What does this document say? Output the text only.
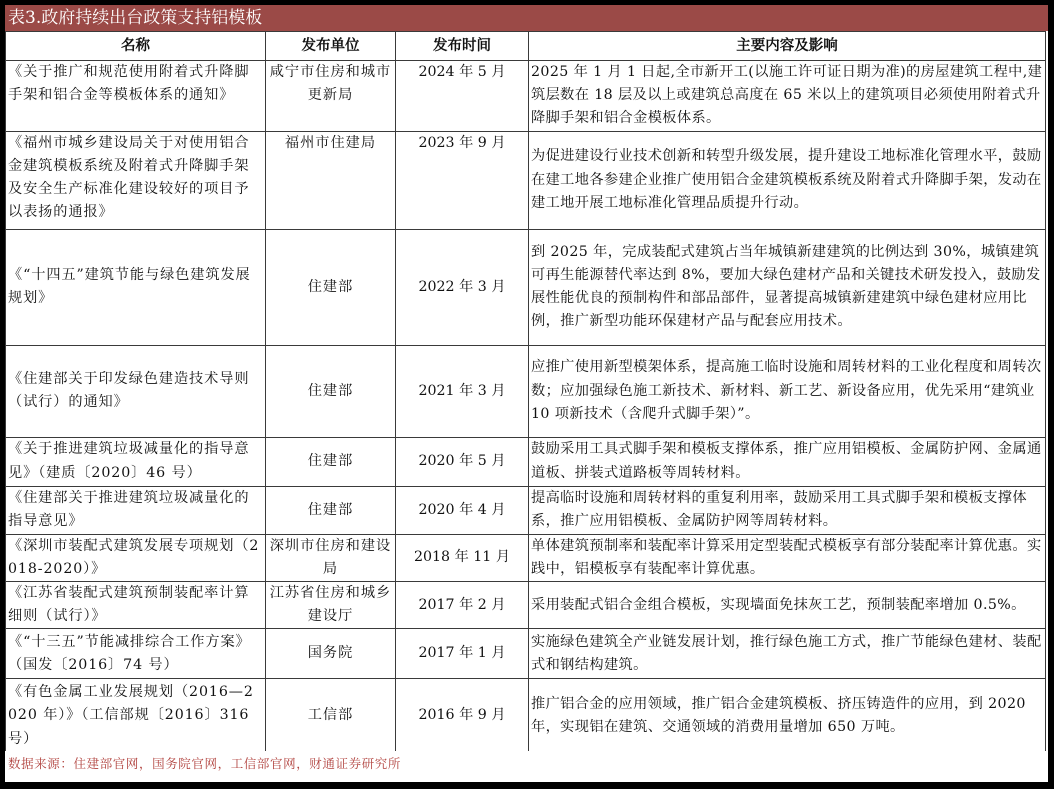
表3.政府持续出台政策支持铝模板
名称	发布单位	发布时间	主要内容及影响
《关于推广和规范使用附着式升降脚手架和铝合金等模板体系的通知》	咸宁市住房和城市更新局	2024 年 5 月	2025 年 1 月 1 日起,全市新开工(以施工许可证日期为准)的房屋建筑工程中,建筑层数在 18 层及以上或建筑总高度在 65 米以上的建筑项目必须使用附着式升降脚手架和铝合金模板体系。
《福州市城乡建设局关于对使用铝合金建筑模板系统及附着式升降脚手架及安全生产标准化建设较好的项目予以表扬的通报》	福州市住建局	2023 年 9 月	为促进建设行业技术创新和转型升级发展，提升建设工地标准化管理水平，鼓励在建工地各参建企业推广使用铝合金建筑模板系统及附着式升降脚手架，发动在建工地开展工地标准化管理品质提升行动。
《“十四五”建筑节能与绿色建筑发展规划》	住建部	2022 年 3 月	到 2025 年，完成装配式建筑占当年城镇新建建筑的比例达到 30%，城镇建筑可再生能源替代率达到 8%，要加大绿色建材产品和关键技术研发投入，鼓励发展性能优良的预制构件和部品部件，显著提高城镇新建建筑中绿色建材应用比例，推广新型功能环保建材产品与配套应用技术。
《住建部关于印发绿色建造技术导则（试行）的通知》	住建部	2021 年 3 月	应推广使用新型模架体系，提高施工临时设施和周转材料的工业化程度和周转次数；应加强绿色施工新技术、新材料、新工艺、新设备应用，优先采用“建筑业 10 项新技术（含爬升式脚手架）”。
《关于推进建筑垃圾减量化的指导意见》（建质〔2020〕46 号）	住建部	2020 年 5 月	鼓励采用工具式脚手架和模板支撑体系，推广应用铝模板、金属防护网、金属通道板、拼装式道路板等周转材料。
《住建部关于推进建筑垃圾减量化的指导意见》	住建部	2020 年 4 月	提高临时设施和周转材料的重复利用率，鼓励采用工具式脚手架和模板支撑体系，推广应用铝模板、金属防护网等周转材料。
《深圳市装配式建筑发展专项规划（2018-2020）》	深圳市住房和建设局	2018 年 11 月	单体建筑预制率和装配率计算采用定型装配式模板享有部分装配率计算优惠。实践中，铝模板享有装配率计算优惠。
《江苏省装配式建筑预制装配率计算细则（试行）》	江苏省住房和城乡建设厅	2017 年 2 月	采用装配式铝合金组合模板，实现墙面免抹灰工艺，预制装配率增加 0.5%。
《“十三五”节能减排综合工作方案》（国发〔2016〕74 号）	国务院	2017 年 1 月	实施绿色建筑全产业链发展计划，推行绿色施工方式，推广节能绿色建材、装配式和钢结构建筑。
《有色金属工业发展规划（2016—2020 年）》（工信部规〔2016〕316 号）	工信部	2016 年 9 月	推广铝合金的应用领域，推广铝合金建筑模板、挤压铸造件的应用，到 2020 年，实现铝在建筑、交通领域的消费用量增加 650 万吨。
数据来源：住建部官网，国务院官网，工信部官网，财通证券研究所
